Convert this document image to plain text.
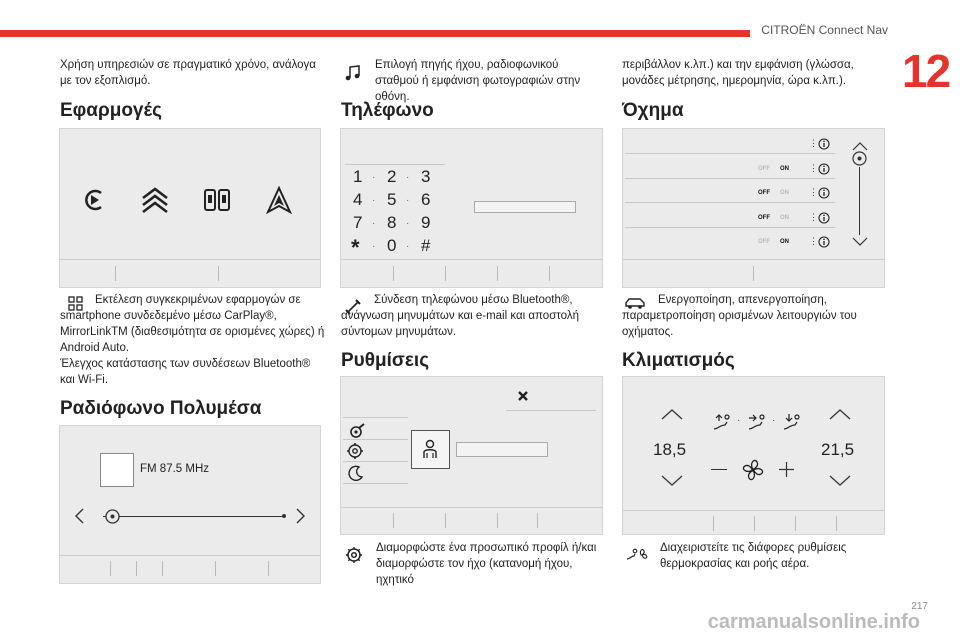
CITROËN Connect Nav
12
Χρήση υπηρεσιών σε πραγματικό χρόνο, ανάλογα με τον εξοπλισμό.
Εφαρμογές
Εκτέλεση συγκεκριμένων εφαρμογών σε smartphone συνδεδεμένο μέσω CarPlay®, MirrorLinkTM (διαθεσιμότητα σε ορισμένες χώρες) ή Android Auto.
Έλεγχος κατάστασης των συνδέσεων Bluetooth® και Wi-Fi.
Ραδιόφωνο Πολυμέσα
FM 87.5 MHz
Επιλογή πηγής ήχου, ραδιοφωνικού σταθμού ή εμφάνιση φωτογραφιών στην οθόνη.
Τηλέφωνο
1 · 2 · 3
4 · 5 · 6
7 · 8 · 9
* · 0 · #
Σύνδεση τηλεφώνου μέσω Bluetooth®, ανάγνωση μηνυμάτων και e-mail και αποστολή σύντομων μηνυμάτων.
Ρυθμίσεις
Διαμορφώστε ένα προσωπικό προφίλ ή/και διαμορφώστε τον ήχο (κατανομή ήχου, ηχητικό
περιβάλλον κ.λπ.) και την εμφάνιση (γλώσσα, μονάδες μέτρησης, ημερομηνία, ώρα κ.λπ.).
Όχημα
⋮
OFF ON ⋮
OFF ON ⋮
OFF ON ⋮
OFF ON ⋮
Ενεργοποίηση, απενεργοποίηση, παραμετροποίηση ορισμένων λειτουργιών του οχήματος.
Κλιματισμός
18,5
·	·
21,5
Διαχειριστείτε τις διάφορες ρυθμίσεις θερμοκρασίας και ροής αέρα.
217
carmanualsonline.info
